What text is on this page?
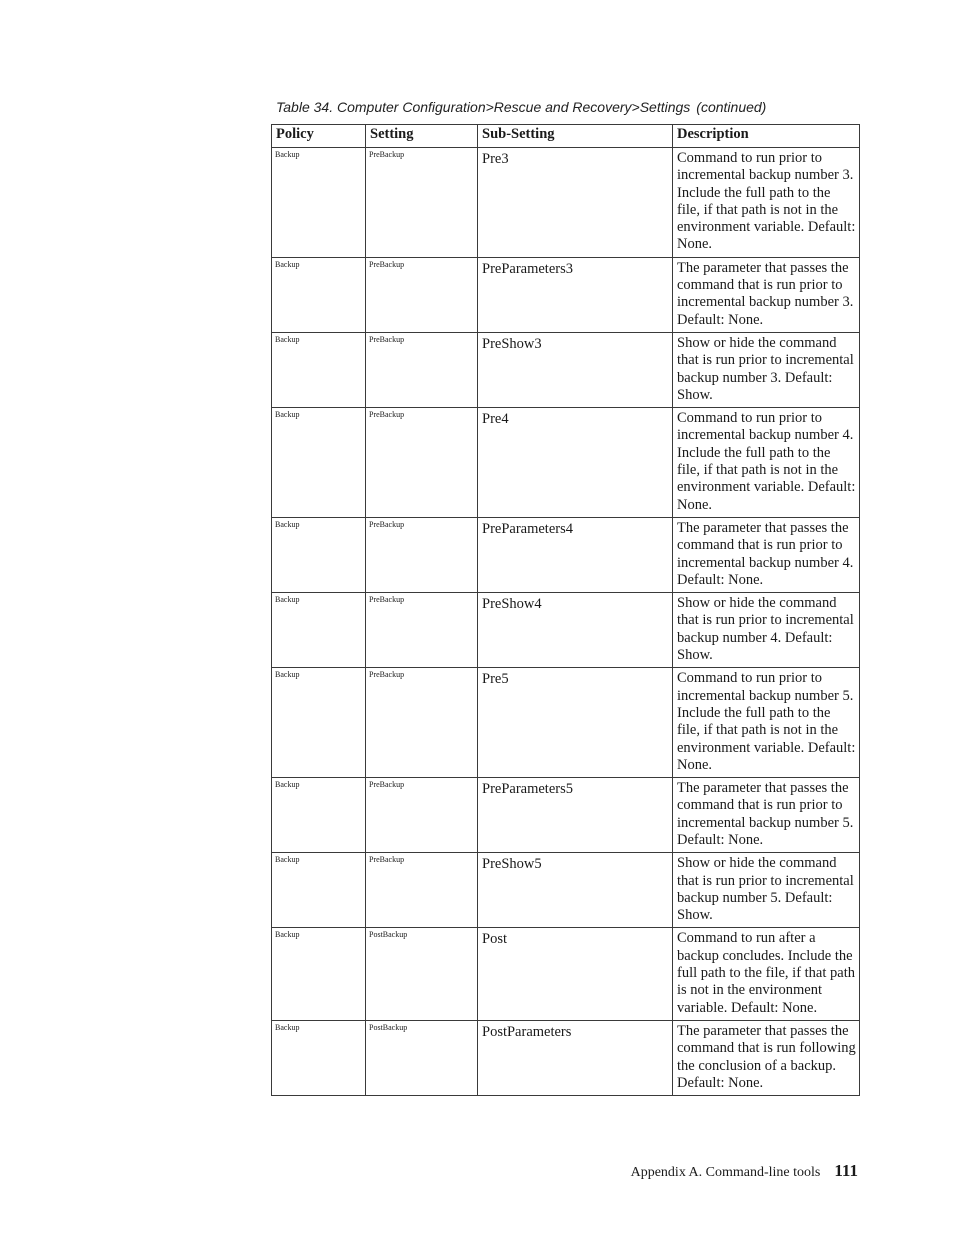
Table 34. Computer Configuration>Rescue and Recovery>Settings (continued)
Policy	Setting	Sub-Setting	Description
Backup	PreBackup	Pre3	Command to run prior to incremental backup number 3. Include the full path to the file, if that path is not in the environment variable. Default: None.
Backup	PreBackup	PreParameters3	The parameter that passes the command that is run prior to incremental backup number 3. Default: None.
Backup	PreBackup	PreShow3	Show or hide the command that is run prior to incremental backup number 3. Default: Show.
Backup	PreBackup	Pre4	Command to run prior to incremental backup number 4. Include the full path to the file, if that path is not in the environment variable. Default: None.
Backup	PreBackup	PreParameters4	The parameter that passes the command that is run prior to incremental backup number 4. Default: None.
Backup	PreBackup	PreShow4	Show or hide the command that is run prior to incremental backup number 4. Default: Show.
Backup	PreBackup	Pre5	Command to run prior to incremental backup number 5. Include the full path to the file, if that path is not in the environment variable. Default: None.
Backup	PreBackup	PreParameters5	The parameter that passes the command that is run prior to incremental backup number 5. Default: None.
Backup	PreBackup	PreShow5	Show or hide the command that is run prior to incremental backup number 5. Default: Show.
Backup	PostBackup	Post	Command to run after a backup concludes. Include the full path to the file, if that path is not in the environment variable. Default: None.
Backup	PostBackup	PostParameters	The parameter that passes the command that is run following the conclusion of a backup. Default: None.
Appendix A. Command-line tools 111
